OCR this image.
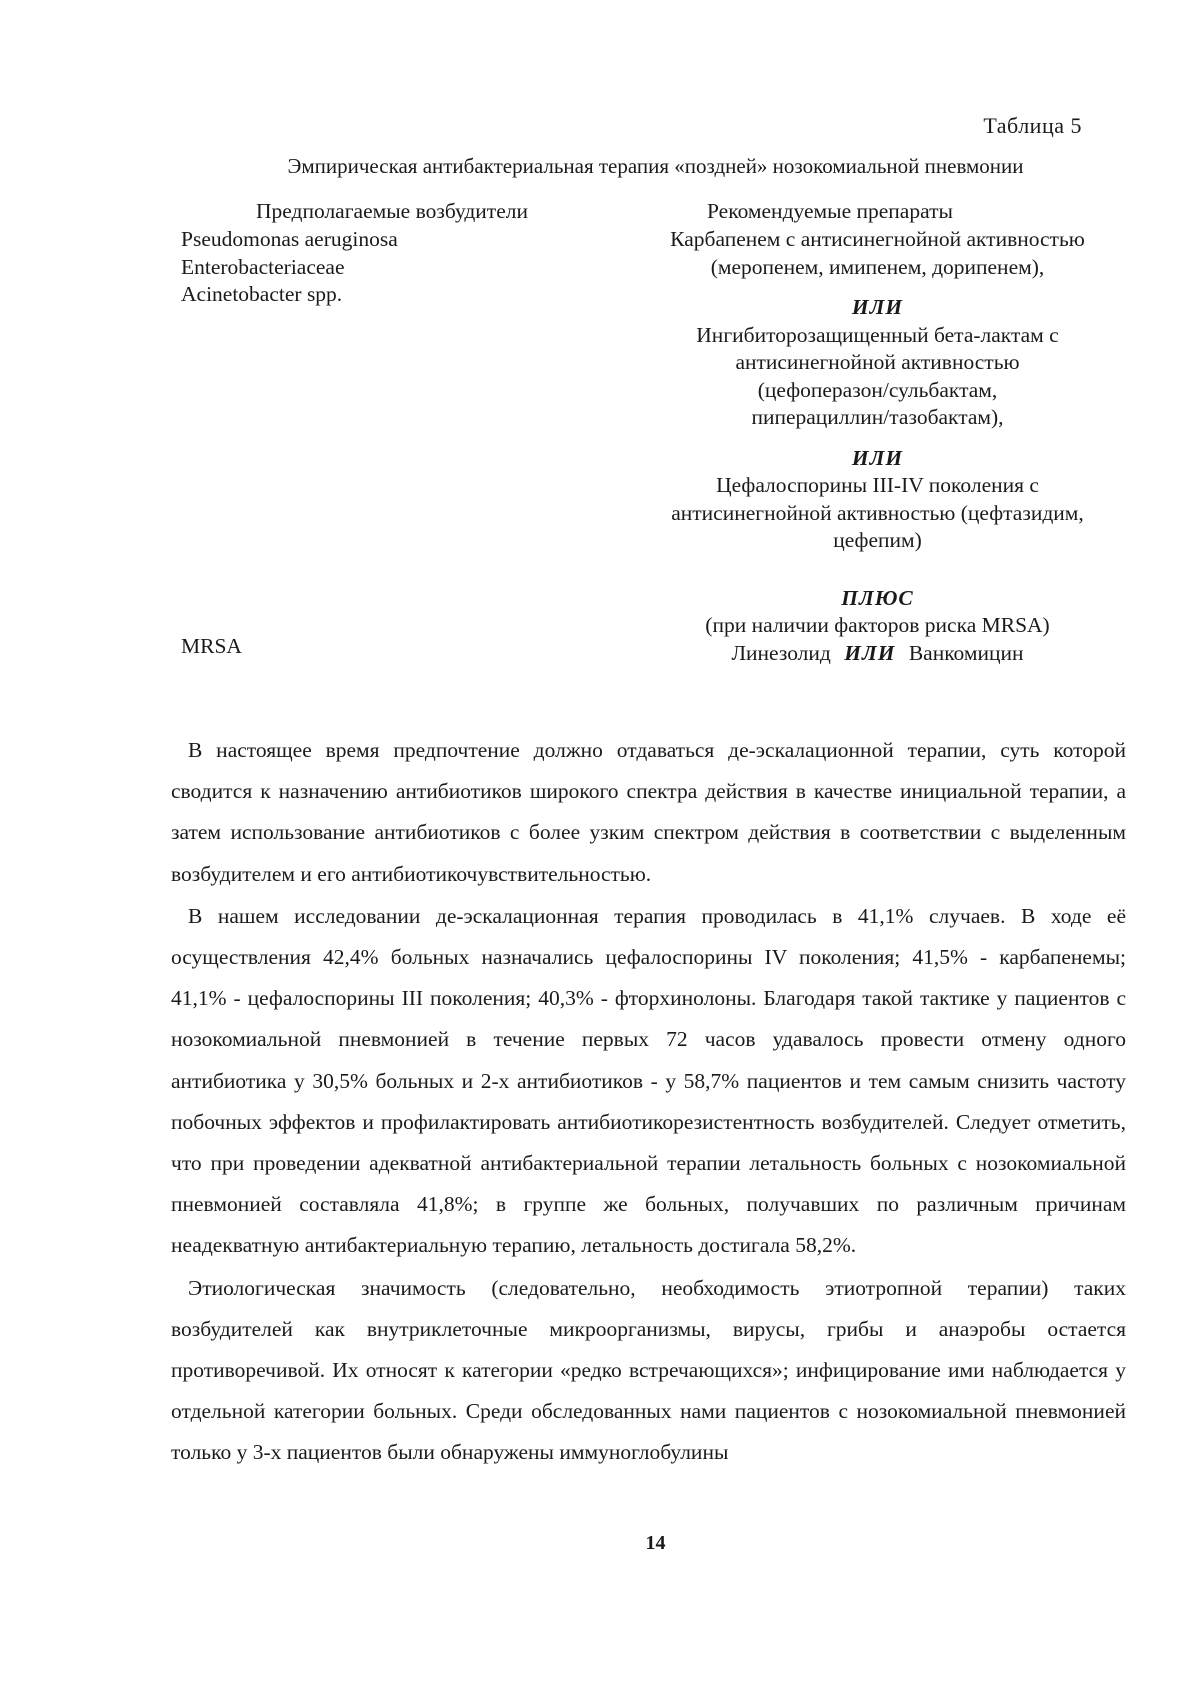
Таблица 5
Эмпирическая антибактериальная терапия «поздней» нозокомиальной пневмонии
Предполагаемые возбудители	Рекомендуемые препараты
Pseudomonas aeruginosa
Enterobacteriaceae
Acinetobacter spp.
Карбапенем с антисинегнойной активностью
(меропенем, имипенем, дорипенем),
ИЛИ
Ингибиторозащищенный бета-лактам с
антисинегнойной активностью
(цефоперазон/сульбактам,
пиперациллин/тазобактам),
ИЛИ
Цефалоспорины III-IV поколения с
антисинегнойной активностью (цефтазидим,
цефепим)
ПЛЮС
(при наличии факторов риска MRSA)
Линезолид ИЛИ Ванкомицин
MRSA

В настоящее время предпочтение должно отдаваться де-эскалационной терапии, суть которой сводится к назначению антибиотиков широкого спектра действия в качестве инициальной терапии, а затем использование антибиотиков с более узким спектром действия в соответствии с выделенным возбудителем и его антибиотикочувствительностью.

В нашем исследовании де-эскалационная терапия проводилась в 41,1% случаев. В ходе её осуществления 42,4% больных назначались цефалоспорины IV поколения; 41,5% - карбапенемы; 41,1% - цефалоспорины III поколения; 40,3% - фторхинолоны. Благодаря такой тактике у пациентов с нозокомиальной пневмонией в течение первых 72 часов удавалось провести отмену одного антибиотика у 30,5% больных и 2-х антибиотиков - у 58,7% пациентов и тем самым снизить частоту побочных эффектов и профилактировать антибиотикорезистентность возбудителей. Следует отметить, что при проведении адекватной антибактериальной терапии летальность больных с нозокомиальной пневмонией составляла 41,8%; в группе же больных, получавших по различным причинам неадекватную антибактериальную терапию, летальность достигала 58,2%.

Этиологическая значимость (следовательно, необходимость этиотропной терапии) таких возбудителей как внутриклеточные микроорганизмы, вирусы, грибы и анаэробы остается противоречивой. Их относят к категории «редко встречающихся»; инфицирование ими наблюдается у отдельной категории больных. Среди обследованных нами пациентов с нозокомиальной пневмонией только у 3-х пациентов были обнаружены иммуноглобулины

14
